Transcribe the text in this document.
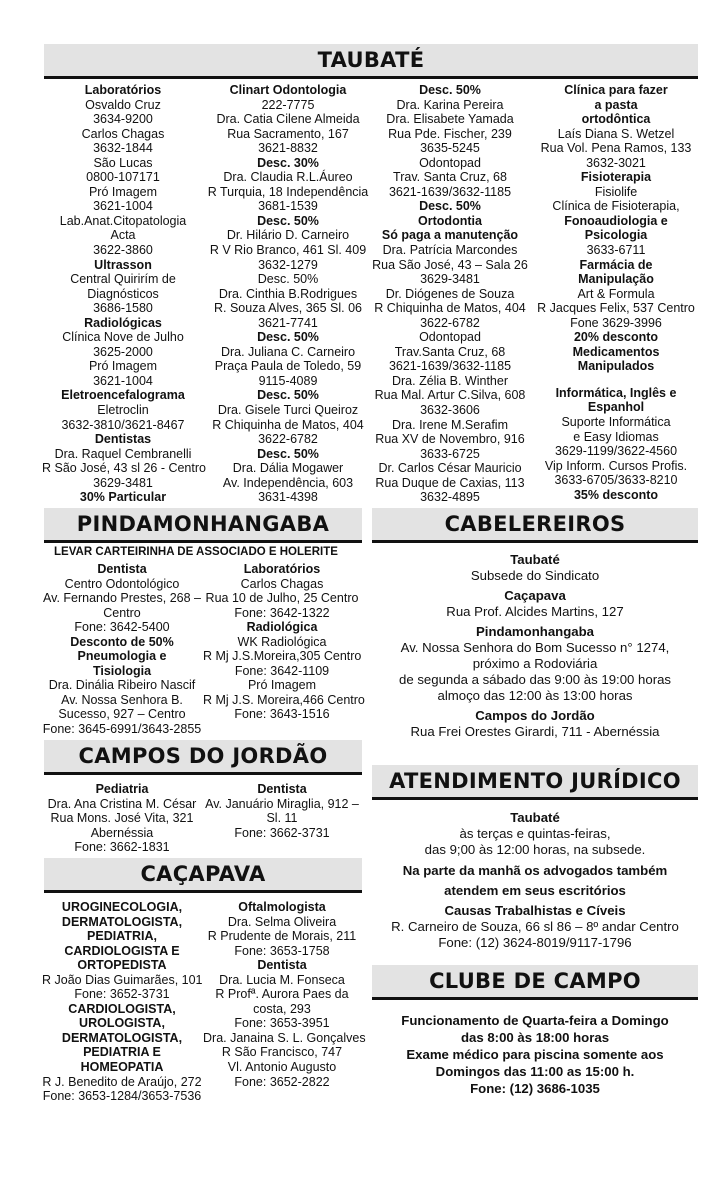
TAUBATÉ
PINDAMONHANGABA	CABELEREIROS
CAMPOS DO JORDÃO
ATENDIMENTO JURÍDICO
CAÇAPAVA
CLUBE DE CAMPO
Laboratórios
Osvaldo Cruz
3634-9200
Carlos Chagas
3632-1844
São Lucas
0800-107171
Pró Imagem
3621-1004
Lab.Anat.Citopatologia
Acta
3622-3860
Ultrasson
Central Quirirím de
Diagnósticos
3686-1580
Radiológicas
Clínica Nove de Julho
3625-2000
Pró Imagem
3621-1004
Eletroencefalograma
Eletroclin
3632-3810/3621-8467
Dentistas
Dra. Raquel Cembranelli
R São José, 43 sl 26 - Centro
3629-3481
30% Particular
Clinart Odontologia
222-7775
Dra. Catia Cilene Almeida
Rua Sacramento, 167
3621-8832
Desc. 30%
Dra. Claudia R.L.Áureo
R Turquia, 18 Independência
3681-1539
Desc. 50%
Dr. Hilário D. Carneiro
R V Rio Branco, 461 Sl. 409
3632-1279
Desc. 50%
Dra. Cinthia B.Rodrigues
R. Souza Alves, 365 Sl. 06
3621-7741
Desc. 50%
Dra. Juliana C. Carneiro
Praça Paula de Toledo, 59
9115-4089
Desc. 50%
Dra. Gisele Turci Queiroz
R Chiquinha de Matos, 404
3622-6782
Desc. 50%
Dra. Dália Mogawer
Av. Independência, 603
3631-4398
Desc. 50%
Dra. Karina Pereira
Dra. Elisabete Yamada
Rua Pde. Fischer, 239
3635-5245
Odontopad
Trav. Santa Cruz, 68
3621-1639/3632-1185
Desc. 50%
Ortodontia
Só paga a manutenção
Dra. Patrícia Marcondes
Rua São José, 43 – Sala 26
3629-3481
Dr. Diógenes de Souza
R Chiquinha de Matos, 404
3622-6782
Odontopad
Trav.Santa Cruz, 68
3621-1639/3632-1185
Dra. Zélia B. Winther
Rua Mal. Artur C.Silva, 608
3632-3606
Dra. Irene M.Serafim
Rua XV de Novembro, 916
3633-6725
Dr. Carlos César Mauricio
Rua Duque de Caxias, 113
3632-4895
Clínica para fazer
a pasta
ortodôntica
Laís Diana S. Wetzel
Rua Vol. Pena Ramos, 133
3632-3021
Fisioterapia
Fisiolife
Clínica de Fisioterapia,
Fonoaudiologia e
Psicologia
3633-6711
Farmácia de
Manipulação
Art & Formula
R Jacques Felix, 537 Centro
Fone 3629-3996
20% desconto
Medicamentos
Manipulados
Informática, Inglês e
Espanhol
Suporte Informática
e Easy Idiomas
3629-1199/3622-4560
Vip Inform. Cursos Profis.
3633-6705/3633-8210
35% desconto
LEVAR CARTEIRINHA DE ASSOCIADO E HOLERITE
Dentista
Centro Odontológico
Av. Fernando Prestes, 268 –
Centro
Fone: 3642-5400
Desconto de 50%
Pneumologia e
Tisiologia
Dra. Dinália Ribeiro Nascif
Av. Nossa Senhora B.
Sucesso, 927 – Centro
Fone: 3645-6991/3643-2855
Laboratórios
Carlos Chagas
Rua 10 de Julho, 25 Centro
Fone: 3642-1322
Radiológica
WK Radiológica
R Mj J.S.Moreira,305 Centro
Fone: 3642-1109
Pró Imagem
R Mj J.S. Moreira,466 Centro
Fone: 3643-1516
Pediatria
Dra. Ana Cristina M. César
Rua Mons. José Vita, 321
Abernéssia
Fone: 3662-1831
Dentista
Av. Januário Miraglia, 912 –
Sl. 11
Fone: 3662-3731
UROGINECOLOGIA,
DERMATOLOGISTA,
PEDIATRIA,
CARDIOLOGISTA E
ORTOPEDISTA
R João Dias Guimarães, 101
Fone: 3652-3731
CARDIOLOGISTA,
UROLOGISTA,
DERMATOLOGISTA,
PEDIATRIA E
HOMEOPATIA
R J. Benedito de Araújo, 272
Fone: 3653-1284/3653-7536
Oftalmologista
Dra. Selma Oliveira
R Prudente de Morais, 211
Fone: 3653-1758
Dentista
Dra. Lucia M. Fonseca
R Profª. Aurora Paes da
costa, 293
Fone: 3653-3951
Dra. Janaina S. L. Gonçalves
R São Francisco, 747
Vl. Antonio Augusto
Fone: 3652-2822
Taubaté
Subsede do Sindicato
Caçapava
Rua Prof. Alcides Martins, 127
Pindamonhangaba
Av. Nossa Senhora do Bom Sucesso n° 1274,
próximo a Rodoviária
de segunda a sábado das 9:00 às 19:00 horas
almoço das 12:00 às 13:00 horas
Campos do Jordão
Rua Frei Orestes Girardi, 711 - Abernéssia
Taubaté
às terças e quintas-feiras,
das 9;00 às 12:00 horas, na subsede.
Na parte da manhã os advogados também
atendem em seus escritórios
Causas Trabalhistas e Cíveis
R. Carneiro de Souza, 66 sl 86 – 8º andar Centro
Fone: (12) 3624-8019/9117-1796
Funcionamento de Quarta-feira a Domingo
das 8:00 às 18:00 horas
Exame médico para piscina somente aos
Domingos das 11:00 as 15:00 h.
Fone: (12) 3686-1035
